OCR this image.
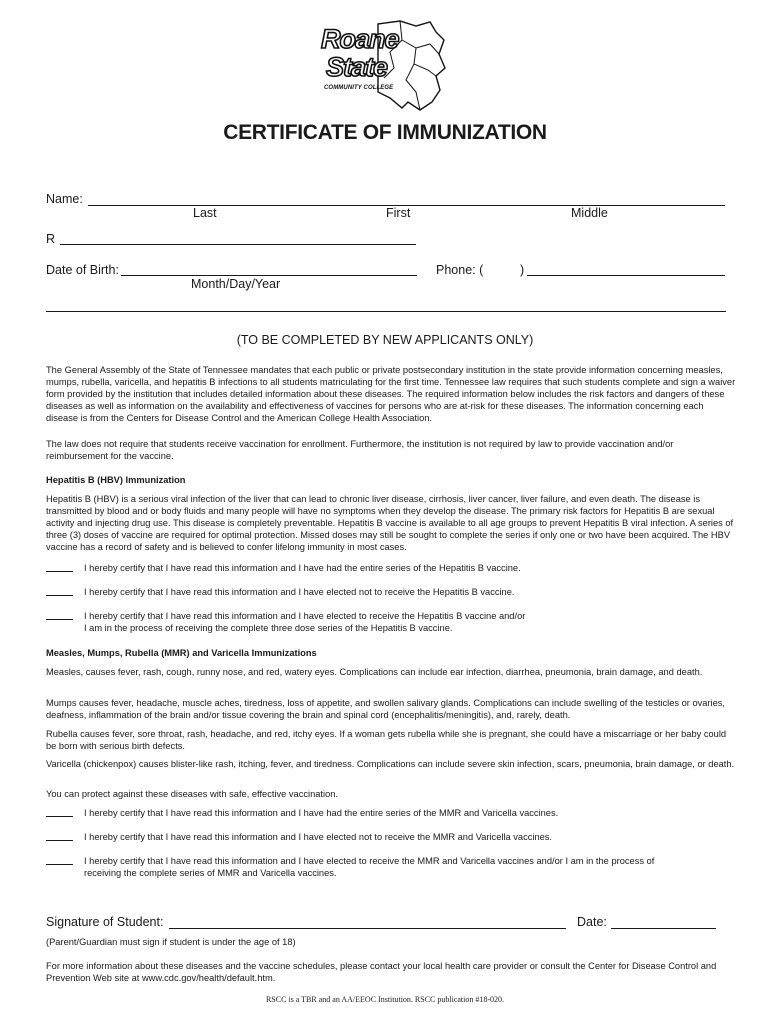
Roane
State
COMMUNITY COLLEGE
CERTIFICATE OF IMMUNIZATION
Name:
Last	First	Middle
R
Date of Birth:
Month/Day/Year
Phone: (	)
(TO BE COMPLETED BY NEW APPLICANTS ONLY)
The General Assembly of the State of Tennessee mandates that each public or private postsecondary institution in the state provide information concerning measles, mumps, rubella, varicella, and hepatitis B infections to all students matriculating for the first time. Tennessee law requires that such students complete and sign a waiver form provided by the institution that includes detailed information about these diseases. The required information below includes the risk factors and dangers of these diseases as well as information on the availability and effectiveness of vaccines for persons who are at-risk for these diseases. The information concerning each disease is from the Centers for Disease Control and the American College Health Association.
The law does not require that students receive vaccination for enrollment. Furthermore, the institution is not required by law to provide vaccination and/or reimbursement for the vaccine.
Hepatitis B (HBV) Immunization
Hepatitis B (HBV) is a serious viral infection of the liver that can lead to chronic liver disease, cirrhosis, liver cancer, liver failure, and even death. The disease is transmitted by blood and or body fluids and many people will have no symptoms when they develop the disease. The primary risk factors for Hepatitis B are sexual activity and injecting drug use. This disease is completely preventable. Hepatitis B vaccine is available to all age groups to prevent Hepatitis B viral infection. A series of three (3) doses of vaccine are required for optimal protection. Missed doses may still be sought to complete the series if only one or two have been acquired. The HBV vaccine has a record of safety and is believed to confer lifelong immunity in most cases.
I hereby certify that I have read this information and I have had the entire series of the Hepatitis B vaccine.
I hereby certify that I have read this information and I have elected not to receive the Hepatitis B vaccine.
I hereby certify that I have read this information and I have elected to receive the Hepatitis B vaccine and/or
I am in the process of receiving the complete three dose series of the Hepatitis B vaccine.
Measles, Mumps, Rubella (MMR) and Varicella Immunizations
Measles, causes fever, rash, cough, runny nose, and red, watery eyes. Complications can include ear infection, diarrhea, pneumonia, brain damage, and death.
Mumps causes fever, headache, muscle aches, tiredness, loss of appetite, and swollen salivary glands. Complications can include swelling of the testicles or ovaries, deafness, inflammation of the brain and/or tissue covering the brain and spinal cord (encephalitis/meningitis), and, rarely, death.
Rubella causes fever, sore throat, rash, headache, and red, itchy eyes. If a woman gets rubella while she is pregnant, she could have a miscarriage or her baby could be born with serious birth defects.
Varicella (chickenpox) causes blister-like rash, itching, fever, and tiredness. Complications can include severe skin infection, scars, pneumonia, brain damage, or death.
You can protect against these diseases with safe, effective vaccination.
I hereby certify that I have read this information and I have had the entire series of the MMR and Varicella vaccines.
I hereby certify that I have read this information and I have elected not to receive the MMR and Varicella vaccines.
I hereby certify that I have read this information and I have elected to receive the MMR and Varicella vaccines and/or I am in the process of
receiving the complete series of MMR and Varicella vaccines.
Signature of Student:	Date:
(Parent/Guardian must sign if student is under the age of 18)
For more information about these diseases and the vaccine schedules, please contact your local health care provider or consult the Center for Disease Control and Prevention Web site at www.cdc.gov/health/default.htm.
RSCC is a TBR and an AA/EEOC Institution. RSCC publication #18-020.
